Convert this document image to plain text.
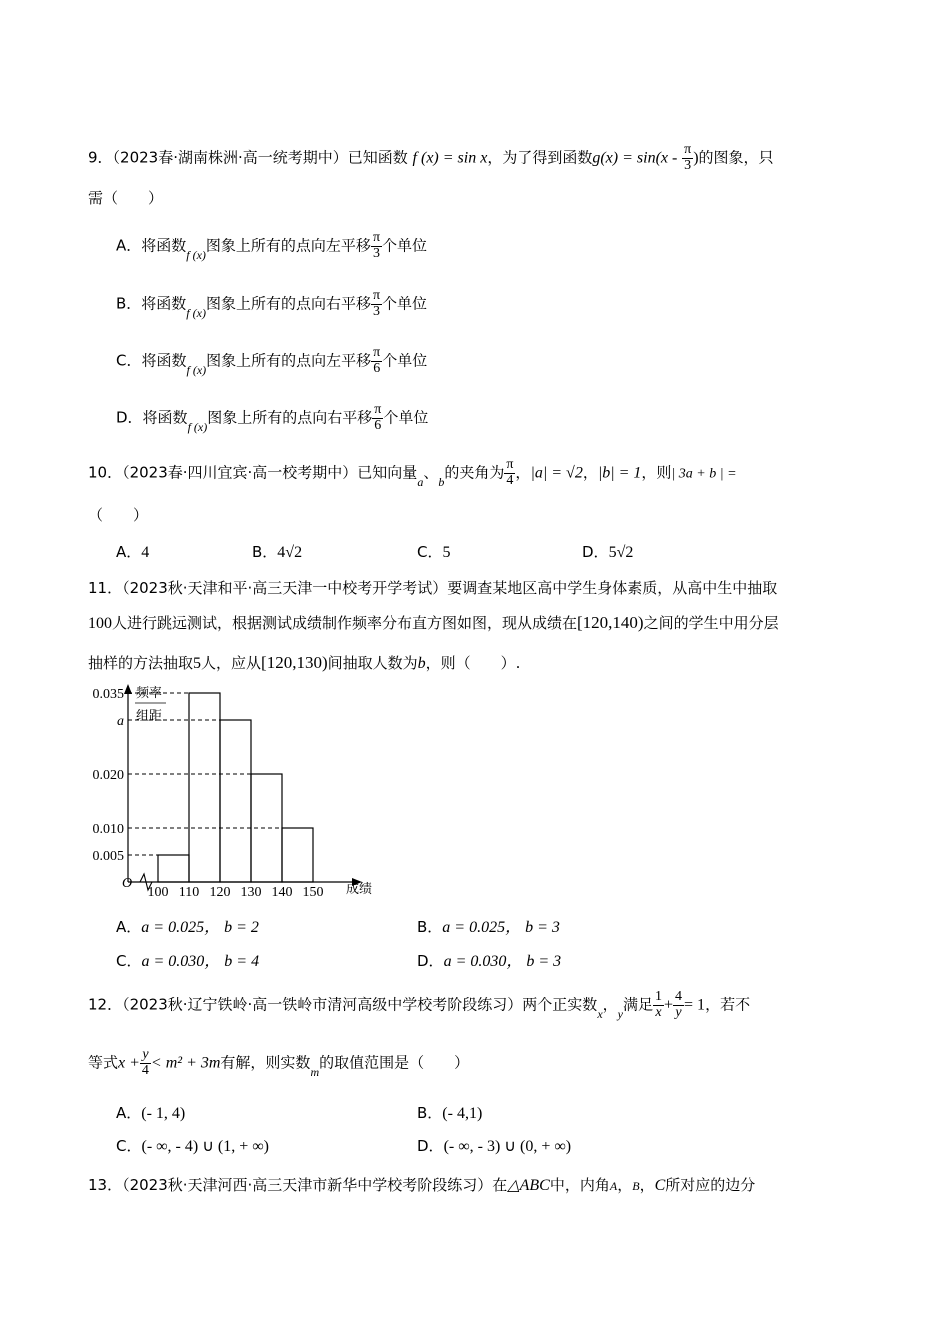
9．（2023春·湖南株洲·高一统考期中）已知函数 f (x) = sin x，为了得到函数$g(x) = \sin(x - \frac{\pi}{3}$ )的图象，只
需（　　）
A．将函数$_{f (x)}$图象上所有的点向左平移 $\frac{\pi}{3}$ 个单位
B．将函数$_{f (x)}$图象上所有的点向右平移 $\frac{\pi}{3}$ 个单位
C．将函数$_{f (x)}$图象上所有的点向左平移 $\frac{\pi}{6}$ 个单位
D．将函数$_{f (x)}$图象上所有的点向右平移 $\frac{\pi}{6}$ 个单位
10．（2023春·四川宜宾·高一校考期中）已知向量$_a$、$_b$的夹角为 $\frac{\pi}{4}$ ，|a| = √2，|b| = 1，则| 3a + b | =
（　　）
A．4	B．4√2	C．5	D．5√2
11．（2023秋·天津和平·高三天津一中校考开学考试）要调查某地区高中学生身体素质，从高中生中抽取
100人进行跳远测试，根据测试成绩制作频率分布直方图如图，现从成绩在[120,140)之间的学生中用分层
抽样的方法抽取5人，应从[120,130)间抽取人数为b，则（　　）.
频率
组距
成绩
O
0.035
a
0.020
0.010
0.005
100 110 120 130 140 150
A．a = 0.025， b = 2	B．a = 0.025， b = 3
C．a = 0.030， b = 4	D．a = 0.030， b = 3
12．（2023秋·辽宁铁岭·高一铁岭市清河高级中学校考阶段练习）两个正实数$_x$，$_y$满足 $\frac{1}{x} + \frac{4}{y} = 1$，若不
等式$x + \frac{y}{4} < m^2 + 3m$有解，则实数$_m$的取值范围是（　　）
A．(- 1, 4)	B．(- 4,1)
C．(- ∞, - 4) ∪ (1, + ∞)	D．(- ∞, - 3) ∪ (0, + ∞)
13．（2023秋·天津河西·高三天津市新华中学校考阶段练习）在△ABC中，内角A，B，C所对应的边分
